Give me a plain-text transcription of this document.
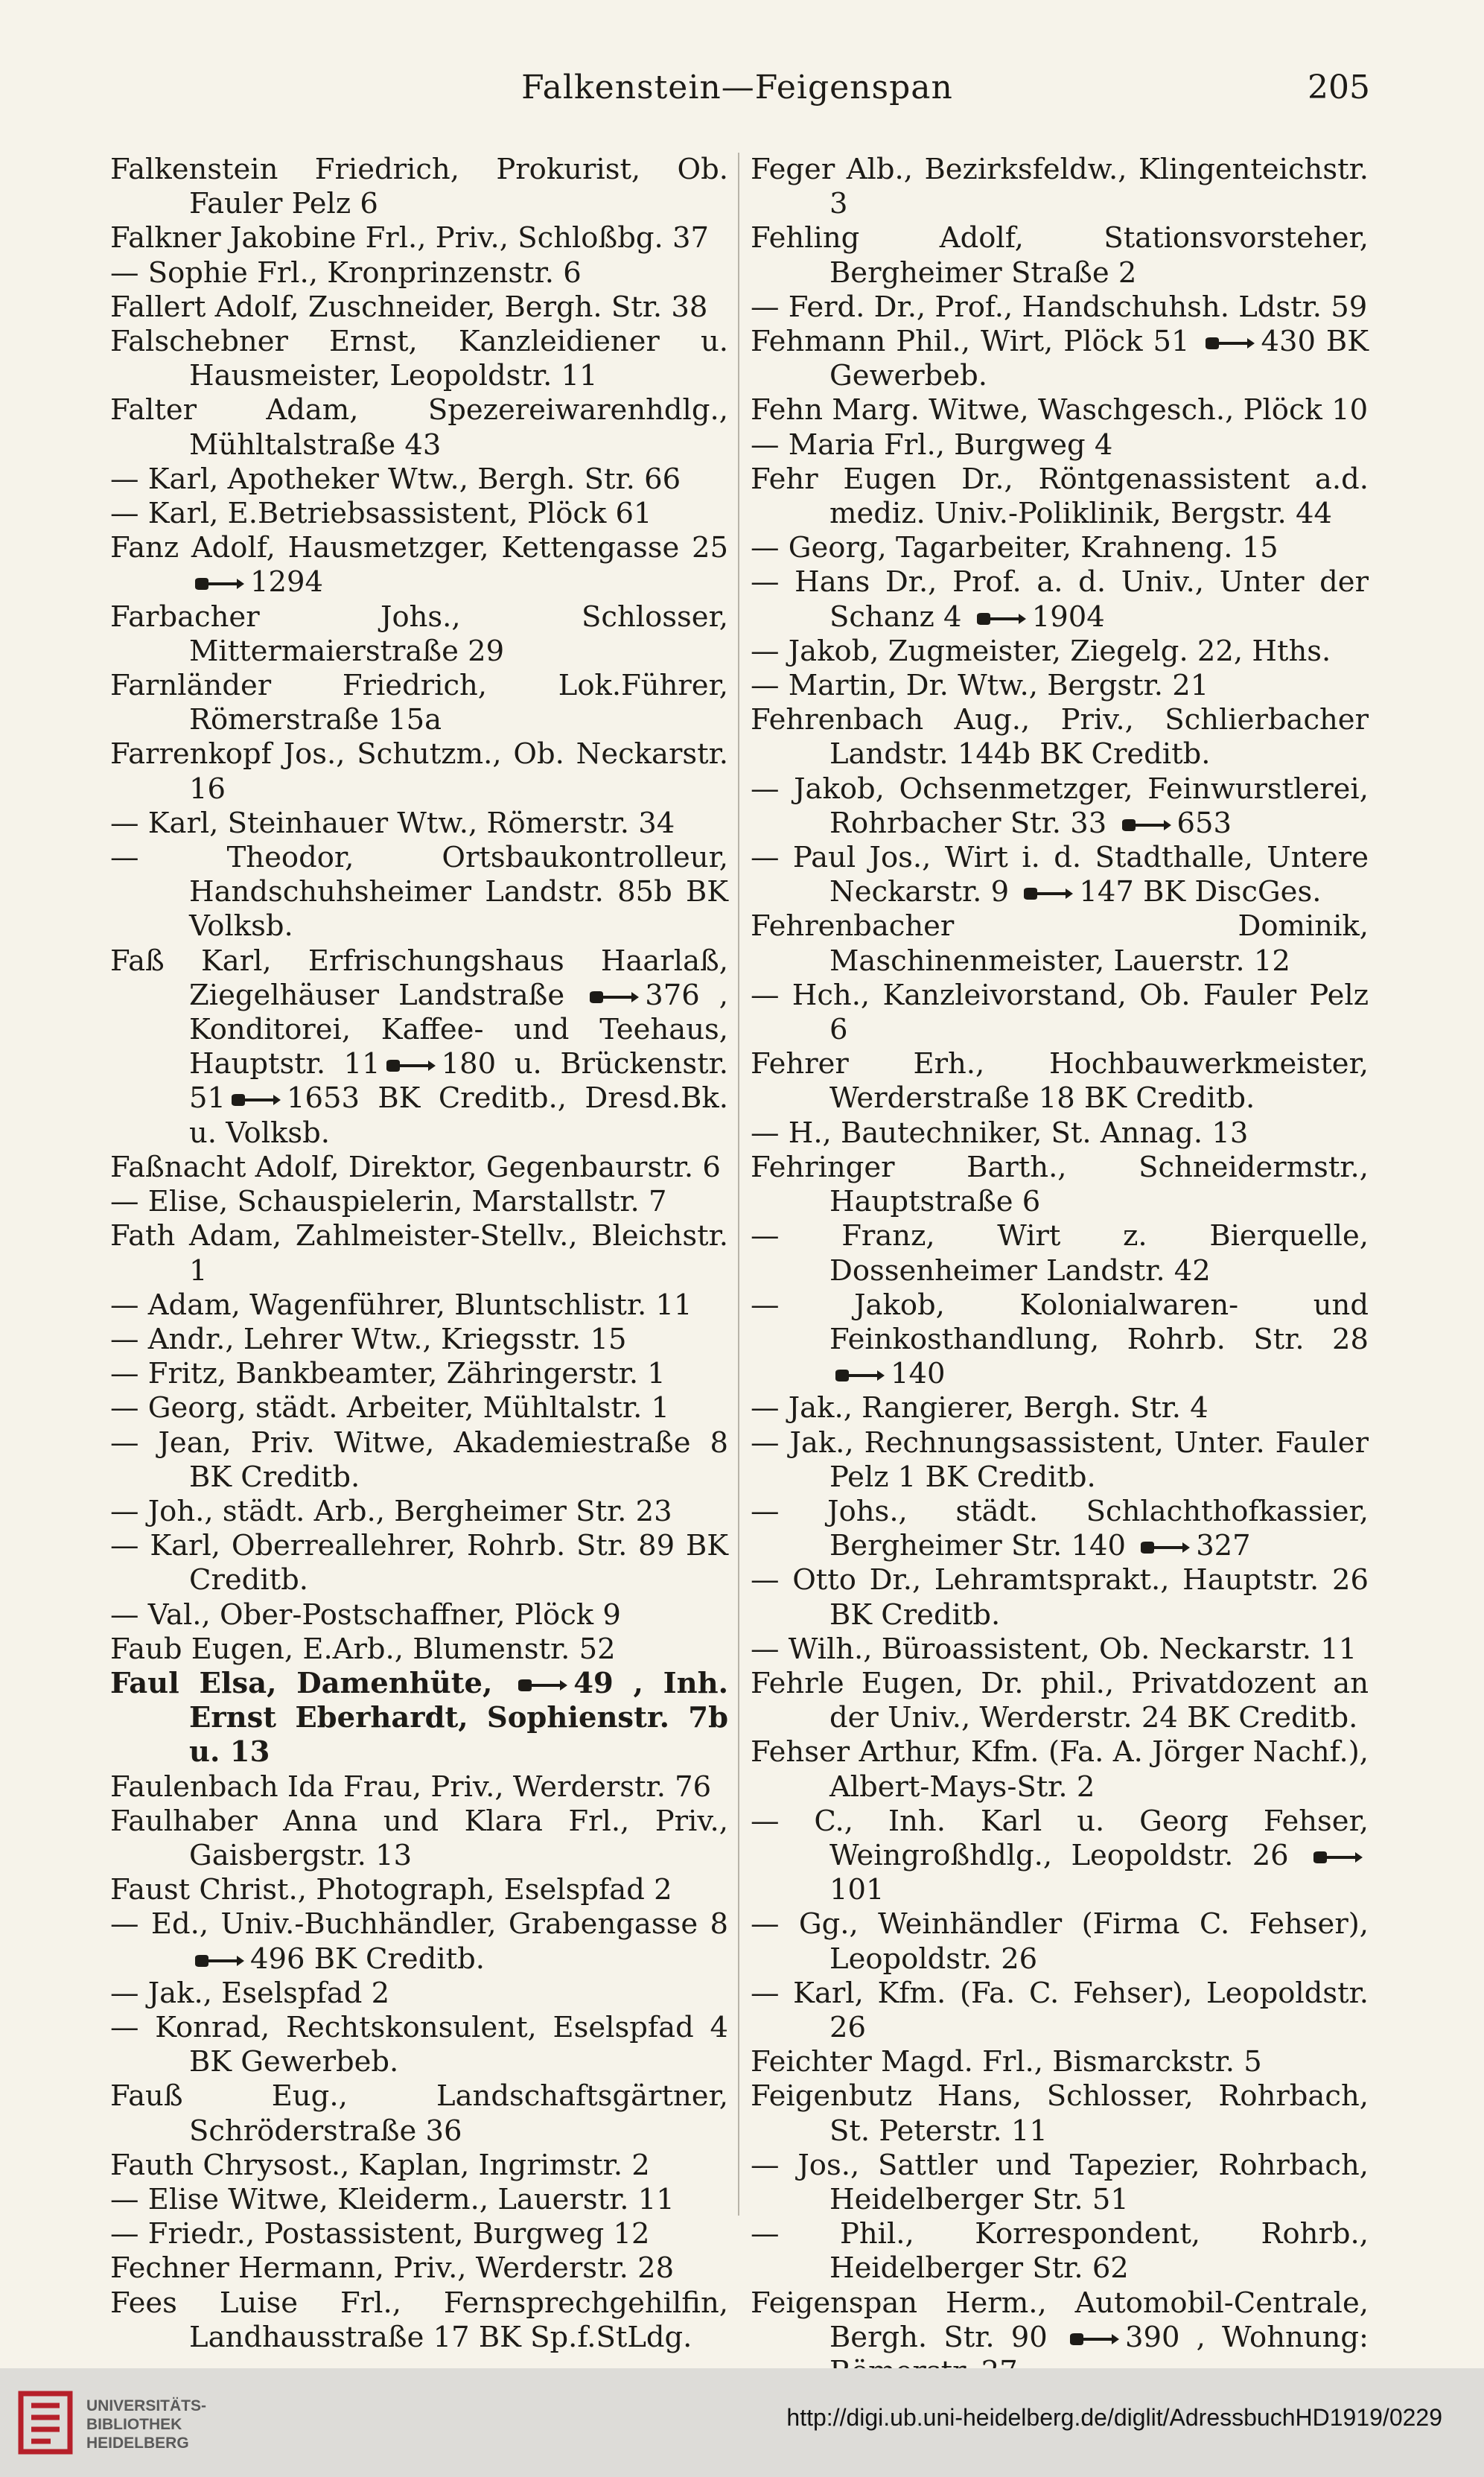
Falkenstein—Feigenspan	205

Falkenstein Friedrich, Prokurist, Ob. Fauler Pelz 6

Falkner Jakobine Frl., Priv., Schloßbg. 37

— Sophie Frl., Kronprinzenstr. 6

Fallert Adolf, Zuschneider, Bergh. Str. 38

Falschebner Ernst, Kanzleidiener u. Hausmeister, Leopoldstr. 11

Falter Adam, Spezereiwarenhdlg., Mühltalstraße 43

— Karl, Apotheker Wtw., Bergh. Str. 66

— Karl, E.Betriebsassistent, Plöck 61

Fanz Adolf, Hausmetzger, Kettengasse 25 1294

Farbacher Johs., Schlosser, Mittermaierstraße 29

Farnländer Friedrich, Lok.Führer, Römerstraße 15a

Farrenkopf Jos., Schutzm., Ob. Neckarstr. 16

— Karl, Steinhauer Wtw., Römerstr. 34

— Theodor, Ortsbaukontrolleur, Handschuhsheimer Landstr. 85b BK Volksb.

Faß Karl, Erfrischungshaus Haarlaß, Ziegelhäuser Landstraße	376 , Konditorei, Kaffee- und Teehaus, Hauptstr. 11 180 u. Brückenstr. 51 1653 BK Creditb., Dresd.Bk. u. Volksb.

Faßnacht Adolf, Direktor, Gegenbaurstr. 6

— Elise, Schauspielerin, Marstallstr. 7

Fath Adam, Zahlmeister-Stellv., Bleichstr. 1

— Adam, Wagenführer, Bluntschlistr. 11

— Andr., Lehrer Wtw., Kriegsstr. 15

— Fritz, Bankbeamter, Zähringerstr. 1

— Georg, städt. Arbeiter, Mühltalstr. 1

— Jean, Priv. Witwe, Akademiestraße 8 BK Creditb.

— Joh., städt. Arb., Bergheimer Str. 23

— Karl, Oberreallehrer, Rohrb. Str. 89 BK Creditb.

— Val., Ober-Postschaffner, Plöck 9

Faub Eugen, E.Arb., Blumenstr. 52

Faul Elsa, Damenhüte,	49 , Inh. Ernst Eberhardt, Sophienstr. 7b u. 13

Faulenbach Ida Frau, Priv., Werderstr. 76

Faulhaber Anna und Klara Frl., Priv., Gaisbergstr. 13

Faust Christ., Photograph, Eselspfad 2

— Ed., Univ.-Buchhändler, Grabengasse 8 496 BK Creditb.

— Jak., Eselspfad 2

— Konrad, Rechtskonsulent, Eselspfad 4 BK Gewerbeb.

Fauß Eug., Landschaftsgärtner, Schröderstraße 36

Fauth Chrysost., Kaplan, Ingrimstr. 2

— Elise Witwe, Kleiderm., Lauerstr. 11

— Friedr., Postassistent, Burgweg 12

Fechner Hermann, Priv., Werderstr. 28

Fees Luise Frl., Fernsprechgehilfin, Landhausstraße 17 BK Sp.f.StLdg.

Feger Alb., Bezirksfeldw., Klingenteichstr. 3

Fehling Adolf, Stationsvorsteher, Bergheimer Straße 2

— Ferd. Dr., Prof., Handschuhsh. Ldstr. 59

Fehmann Phil., Wirt, Plöck 51 430 BK Gewerbeb.

Fehn Marg. Witwe, Waschgesch., Plöck 10

— Maria Frl., Burgweg 4

Fehr Eugen Dr., Röntgenassistent a.d. mediz. Univ.-Poliklinik, Bergstr. 44

— Georg, Tagarbeiter, Krahneng. 15

— Hans Dr., Prof. a. d. Univ., Unter der Schanz 4 1904

— Jakob, Zugmeister, Ziegelg. 22, Hths.

— Martin, Dr. Wtw., Bergstr. 21

Fehrenbach Aug., Priv., Schlierbacher Landstr. 144b BK Creditb.

— Jakob, Ochsenmetzger, Feinwurstlerei, Rohrbacher Str. 33 653

— Paul Jos., Wirt i. d. Stadthalle, Untere Neckarstr. 9 147 BK DiscGes.

Fehrenbacher Dominik, Maschinenmeister, Lauerstr. 12

— Hch., Kanzleivorstand, Ob. Fauler Pelz 6

Fehrer Erh., Hochbauwerkmeister, Werderstraße 18 BK Creditb.

— H., Bautechniker, St. Annag. 13

Fehringer Barth., Schneidermstr., Hauptstraße 6

— Franz, Wirt z. Bierquelle, Dossenheimer Landstr. 42

— Jakob, Kolonialwaren- und Feinkosthandlung, Rohrb. Str. 28 140

— Jak., Rangierer, Bergh. Str. 4

— Jak., Rechnungsassistent, Unter. Fauler Pelz 1 BK Creditb.

— Johs., städt. Schlachthofkassier, Bergheimer Str. 140 327

— Otto Dr., Lehramtsprakt., Hauptstr. 26 BK Creditb.

— Wilh., Büroassistent, Ob. Neckarstr. 11

Fehrle Eugen, Dr. phil., Privatdozent an der Univ., Werderstr. 24 BK Creditb.

Fehser Arthur, Kfm. (Fa. A. Jörger Nachf.), Albert-Mays-Str. 2

— C., Inh. Karl u. Georg Fehser, Weingroßhdlg., Leopoldstr. 26 101

— Gg., Weinhändler (Firma C. Fehser), Leopoldstr. 26

— Karl, Kfm. (Fa. C. Fehser), Leopoldstr. 26

Feichter Magd. Frl., Bismarckstr. 5

Feigenbutz Hans, Schlosser, Rohrbach, St. Peterstr. 11

— Jos., Sattler und Tapezier, Rohrbach, Heidelberger Str. 51

— Phil., Korrespondent, Rohrb., Heidelberger Str. 62

Feigenspan Herm., Automobil-Centrale, Bergh. Str. 90	390 , Wohnung:

UNIVERSITÄTS-
BIBLIOTHEK
HEIDELBERG
http://digi.ub.uni-heidelberg.de/diglit/AdressbuchHD1919/0229
